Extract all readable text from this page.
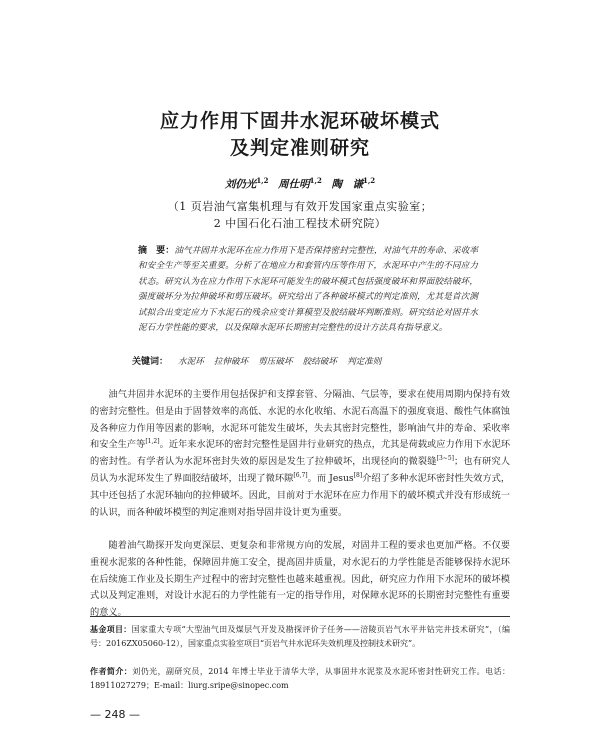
应力作用下固井水泥环破坏模式
及判定准则研究
刘仍光$^{1,2}$ 周仕明$^{1,2}$ 陶　谦$^{1,2}$
（1 页岩油气富集机理与有效开发国家重点实验室；
2 中国石化石油工程技术研究院）

摘　要：油气井固井水泥环在应力作用下是否保持密封完整性，对油气井的寿命、采收率和安全生产等至关重要。分析了在地应力和套管内压等作用下，水泥环中产生的不同应力状态。研究认为在应力作用下水泥环可能发生的破坏模式包括强度破坏和界面胶结破坏，强度破坏分为拉伸破坏和剪压破坏。研究给出了各种破坏模式的判定准则，尤其是首次测试拟合出变定应力下水泥石的残余应变计算模型及胶结破坏判断准则。研究结论对固井水泥石力学性能的要求，以及保障水泥环长期密封完整性的设计方法具有指导意义。

关键词： 水泥环 拉伸破坏 剪压破坏 胶结破坏 判定准则

油气井固井水泥环的主要作用包括保护和支撑套管、分隔油、气层等，要求在使用周期内保持有效的密封完整性。但是由于固替效率的高低、水泥的水化收缩、水泥石高温下的强度衰退、酸性气体腐蚀及各种应力作用等因素的影响，水泥环可能发生破坏，失去其密封完整性，影响油气井的寿命、采收率和安全生产等[1,2]。近年来水泥环的密封完整性是固井行业研究的热点，尤其是荷载或应力作用下水泥环的密封性。有学者认为水泥环密封失效的原因是发生了拉伸破坏，出现径向的微裂缝[3~5]；也有研究人员认为水泥环发生了界面胶结破坏，出现了微环隙[6,7]。而 Jesus[8]介绍了多种水泥环密封性失效方式，其中还包括了水泥环轴向的拉伸破坏。因此，目前对于水泥环在应力作用下的破坏模式并没有形成统一的认识，而各种破坏模型的判定准则对指导固井设计更为重要。

随着油气勘探开发向更深层、更复杂和非常规方向的发展，对固井工程的要求也更加严格。不仅要重视水泥浆的各种性能，保障固井施工安全，提高固井质量，对水泥石的力学性能是否能够保持水泥环在后续施工作业及长期生产过程中的密封完整性也越来越重视。因此，研究应力作用下水泥环的破坏模式以及判定准则，对设计水泥石的力学性能有一定的指导作用，对保障水泥环的长期密封完整性有重要的意义。

基金项目：国家重大专项“大型油气田及煤层气开发及勘探评价子任务——涪陵页岩气水平井钻完井技术研究”，（编号：2016ZX05060-12），国家重点实验室项目“页岩气井水泥环失效机理及控制技术研究”。

作者简介：刘仍光，副研究员，2014 年博士毕业于清华大学，从事固井水泥浆及水泥环密封性研究工作。电话：18911027279；E-mail：liurg.sripe@sinopec.com

— 248 —
